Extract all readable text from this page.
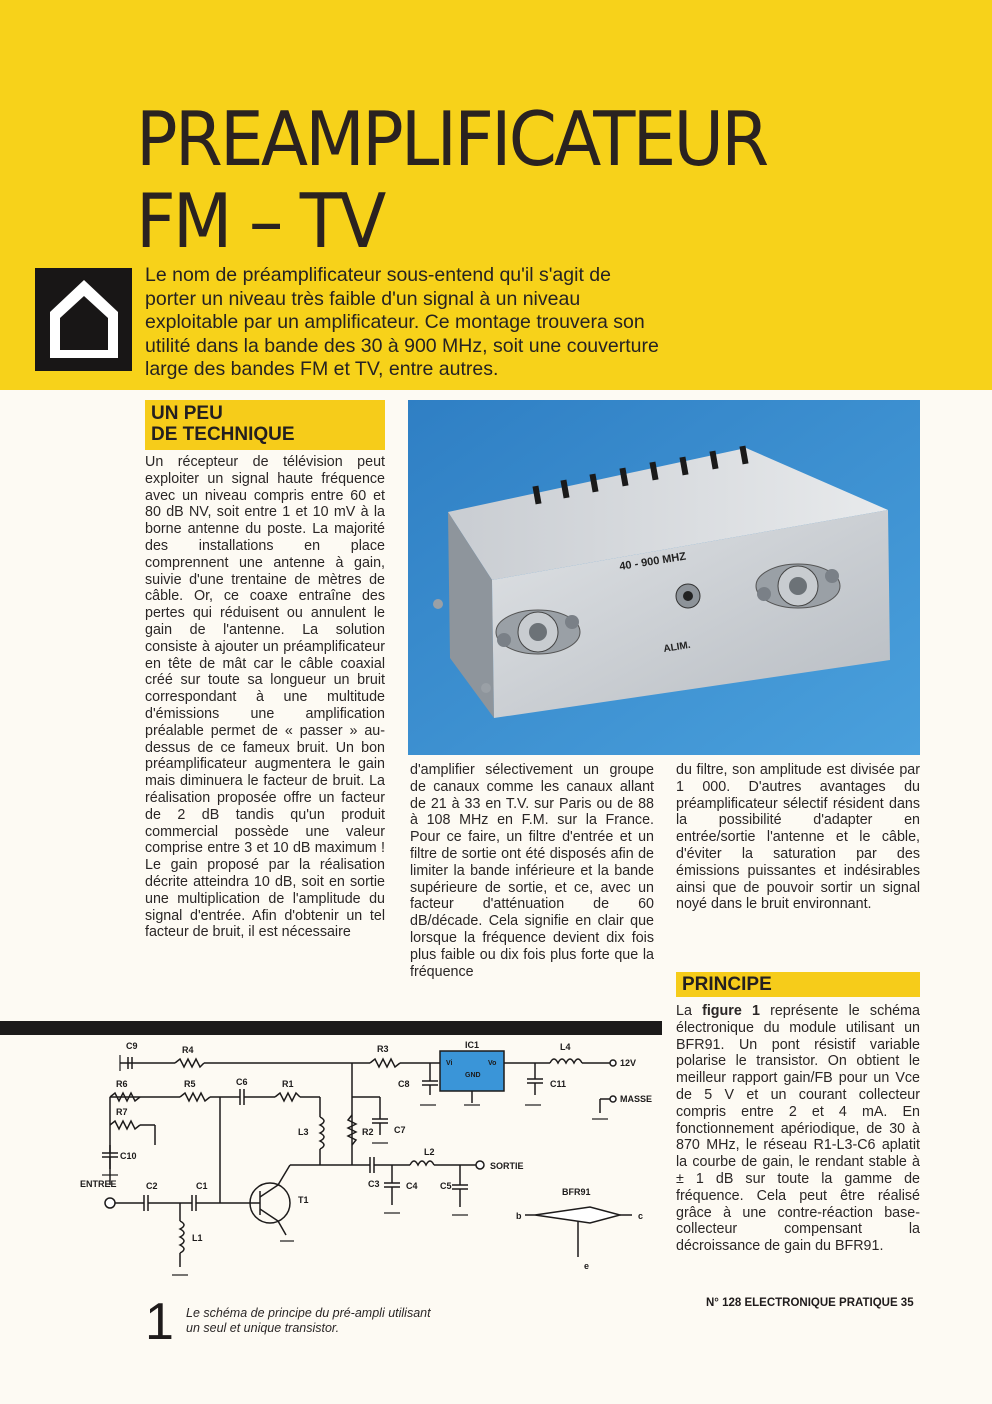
PREAMPLIFICATEUR
FM – TV

Le nom de préamplificateur sous-entend qu'il s'agit de porter un niveau très faible d'un signal à un niveau exploitable par un amplificateur. Ce montage trouvera son utilité dans la bande des 30 à 900 MHz, soit une couverture large des bandes FM et TV, entre autres.

UN PEU
DE TECHNIQUE
Un récepteur de télévision peut exploiter un signal haute fréquence avec un niveau compris entre 60 et 80 dB NV, soit entre 1 et 10 mV à la borne antenne du poste. La majorité des installations en place comprennent une antenne à gain, suivie d'une trentaine de mètres de câble. Or, ce coaxe entraîne des pertes qui réduisent ou annulent le gain de l'antenne. La solution consiste à ajouter un préamplificateur en tête de mât car le câble coaxial créé sur toute sa longueur un bruit correspondant à une multitude d'émissions une amplification préalable permet de « passer » au-dessus de ce fameux bruit. Un bon préamplificateur augmentera le gain mais diminuera le facteur de bruit. La réalisation proposée offre un facteur de 2 dB tandis qu'un produit commercial possède une valeur comprise entre 3 et 10 dB maximum ! Le gain proposé par la réalisation décrite atteindra 10 dB, soit en sortie une multiplication de l'amplitude du signal d'entrée. Afin d'obtenir un tel facteur de bruit, il est nécessaire
40 - 900 MHZ
ALIM.
d'amplifier sélectivement un groupe de canaux comme les canaux allant de 21 à 33 en T.V. sur Paris ou de 88 à 108 MHz en F.M. sur la France. Pour ce faire, un filtre d'entrée et un filtre de sortie ont été disposés afin de limiter la bande inférieure et la bande supérieure de sortie, et ce, avec un facteur d'atténuation de 60 dB/décade. Cela signifie en clair que lorsque la fréquence devient dix fois plus faible ou dix fois plus forte que la fréquence
du filtre, son amplitude est divisée par 1 000. D'autres avantages du préamplificateur sélectif résident dans la possibilité d'adapter en entrée/sortie l'antenne et le câble, d'éviter la saturation par des émissions puissantes et indésirables ainsi que de pouvoir sortir un signal noyé dans le bruit environnant.
PRINCIPE
La figure 1 représente le schéma électronique du module utilisant un BFR91. Un pont résistif variable polarise le transistor. On obtient le meilleur rapport gain/FB pour un Vce de 5 V et un courant collecteur compris entre 2 et 4 mA. En fonctionnement apériodique, de 30 à 870 MHz, le réseau R1-L3-C6 aplatit la courbe de gain, le rendant stable à ± 1 dB sur toute la gamme de fréquence. Cela peut être réalisé grâce à une contre-réaction base-collecteur compensant la décroissance de gain du BFR91.
C9	R4	R3	IC1	L4
12V
R6	R5	C6	R1	C8	C11
MASSE
R7
R2 C7
L3
C10	L2
ENTREE	C2	C1	C3	C4 C5
SORTIE
T1
L1
BFR91
b	c
e
Vi
GND
Vo
1 Le schéma de principe du pré-ampli utilisant un seul et unique transistor.
N° 128 ELECTRONIQUE PRATIQUE 35
